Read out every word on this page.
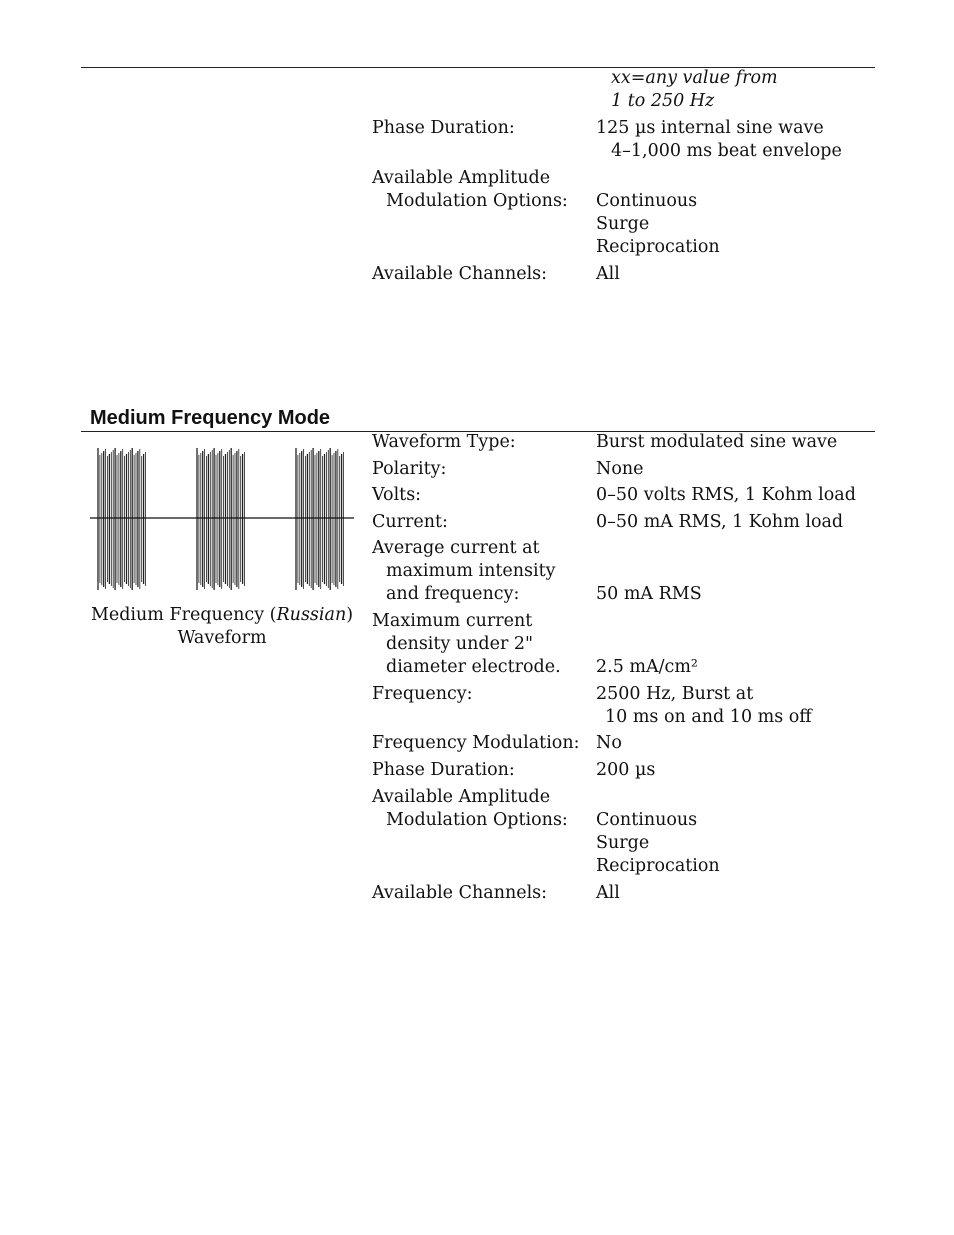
xx=any value from
1 to 250 Hz
Phase Duration:	125 µs internal sine wave
4–1,000 ms beat envelope
Available Amplitude
Modulation Options: Continuous
Surge
Reciprocation
Available Channels:	All
Medium Frequency Mode
Medium Frequency (Russian)
Waveform
Waveform Type:	Burst modulated sine wave
Polarity:	None
Volts:	0–50 volts RMS, 1 Kohm load
Current:	0–50 mA RMS, 1 Kohm load
Average current at
maximum intensity
and frequency:	50 mA RMS
Maximum current
density under 2"
diameter electrode. 2.5 mA/cm²
Frequency:	2500 Hz, Burst at
10 ms on and 10 ms off
Frequency Modulation: No
Phase Duration:	200 µs
Available Amplitude
Modulation Options: Continuous
Surge
Reciprocation
Available Channels:	All
